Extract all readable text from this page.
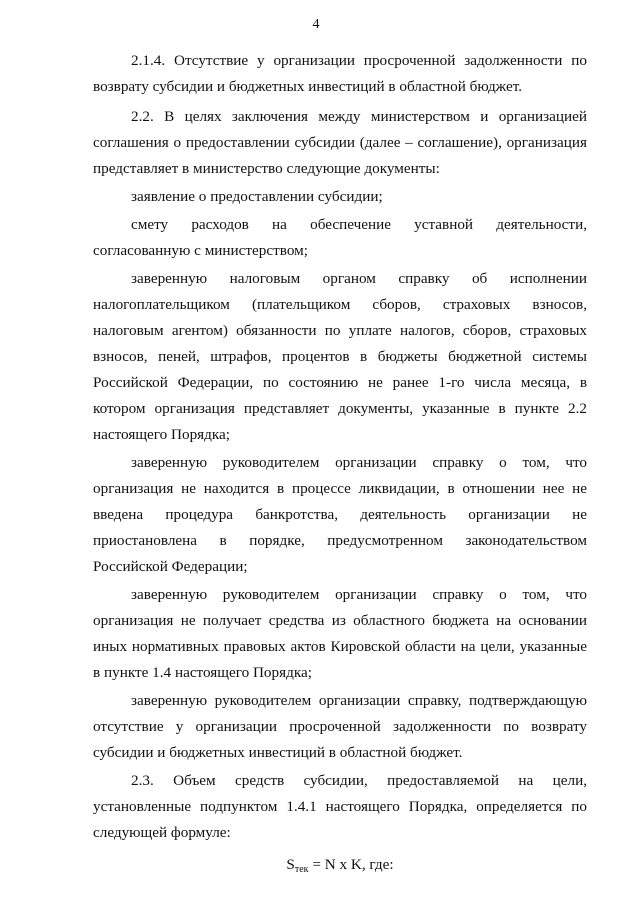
4

2.1.4. Отсутствие у организации просроченной задолженности по возврату субсидии и бюджетных инвестиций в областной бюджет.

2.2. В целях заключения между министерством и организацией соглашения о предоставлении субсидии (далее – соглашение), организация представляет в министерство следующие документы:

заявление о предоставлении субсидии;

смету расходов на обеспечение уставной деятельности, согласованную с министерством;

заверенную налоговым органом справку об исполнении налогоплательщиком (плательщиком сборов, страховых взносов, налоговым агентом) обязанности по уплате налогов, сборов, страховых взносов, пеней, штрафов, процентов в бюджеты бюджетной системы Российской Федерации, по состоянию не ранее 1-го числа месяца, в котором организация представляет документы, указанные в пункте 2.2 настоящего Порядка;

заверенную руководителем организации справку о том, что организация не находится в процессе ликвидации, в отношении нее не введена процедура банкротства, деятельность организации не приостановлена в порядке, предусмотренном законодательством Российской Федерации;

заверенную руководителем организации справку о том, что организация не получает средства из областного бюджета на основании иных нормативных правовых актов Кировской области на цели, указанные в пункте 1.4 настоящего Порядка;

заверенную руководителем организации справку, подтверждающую отсутствие у организации просроченной задолженности по возврату субсидии и бюджетных инвестиций в областной бюджет.

2.3. Объем средств субсидии, предоставляемой на цели, установленные подпунктом 1.4.1 настоящего Порядка, определяется по следующей формуле:

$S_{тек} = N$ x K, где:
